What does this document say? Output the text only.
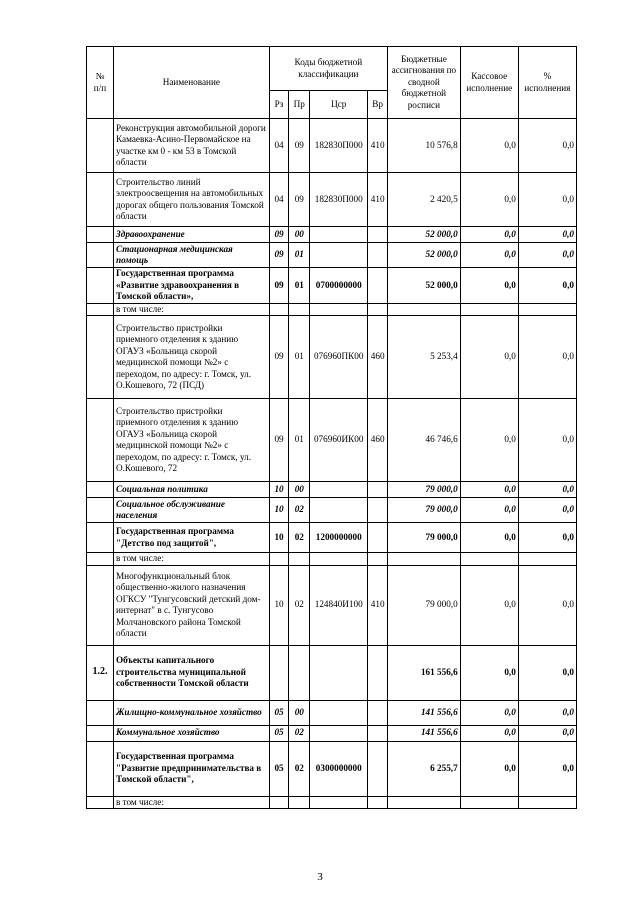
№
п/п	Наименование	Коды бюджетной классификации				Бюджетные ассигнования по сводной бюджетной росписи	Кассовое исполнение	%
исполнения
		Рз	Пр	Цср	Вр			
	Реконструкция автомобильной дороги Камаевка-Асино-Первомайское на участке км 0 - км 53 в Томской области	04	09	182830П000	410	10 576,8	0,0	0,0
	Строительство линий электроосвещения на автомобильных дорогах общего пользования Томской области	04	09	182830П000	410	2 420,5	0,0	0,0
	Здравоохранение	09	00			52 000,0	0,0	0,0
	Стационарная медицинская помощь	09	01			52 000,0	0,0	0,0
	Государственная программа «Развитие здравоохранения в Томской области»,	09	01	0700000000		52 000,0	0,0	0,0
	в том числе:							
	Строительство пристройки приемного отделения к зданию ОГАУЗ «Больница скорой медицинской помощи №2» с переходом, по адресу: г. Томск, ул. О.Кошевого, 72 (ПСД)	09	01	076960ПК00	460	5 253,4	0,0	0,0
	Строительство пристройки приемного отделения к зданию ОГАУЗ «Больница скорой медицинской помощи №2» с переходом, по адресу: г. Томск, ул. О.Кошевого, 72	09	01	076960ИК00	460	46 746,6	0,0	0,0
	Социальная политика	10	00			79 000,0	0,0	0,0
	Социальное обслуживание населения	10	02			79 000,0	0,0	0,0
	Государственная программа "Детство под защитой",	10	02	1200000000		79 000,0	0,0	0,0
	в том числе:							
	Многофункциональный блок общественно-жилого назначения ОГКСУ "Тунгусовский детский дом-интернат" в с. Тунгусово Молчановского района Томской области	10	02	124840И100	410	79 000,0	0,0	0,0
1.2.	Объекты капитального строительства муниципальной собственности Томской области					161 556,6	0,0	0,0
	Жилищно-коммунальное хозяйство	05	00			141 556,6	0,0	0,0
	Коммунальное хозяйство	05	02			141 556,6	0,0	0,0
	Государственная программа "Развитие предпринимательства в Томской области",	05	02	0300000000		6 255,7	0,0	0,0
	в том числе:							
3
